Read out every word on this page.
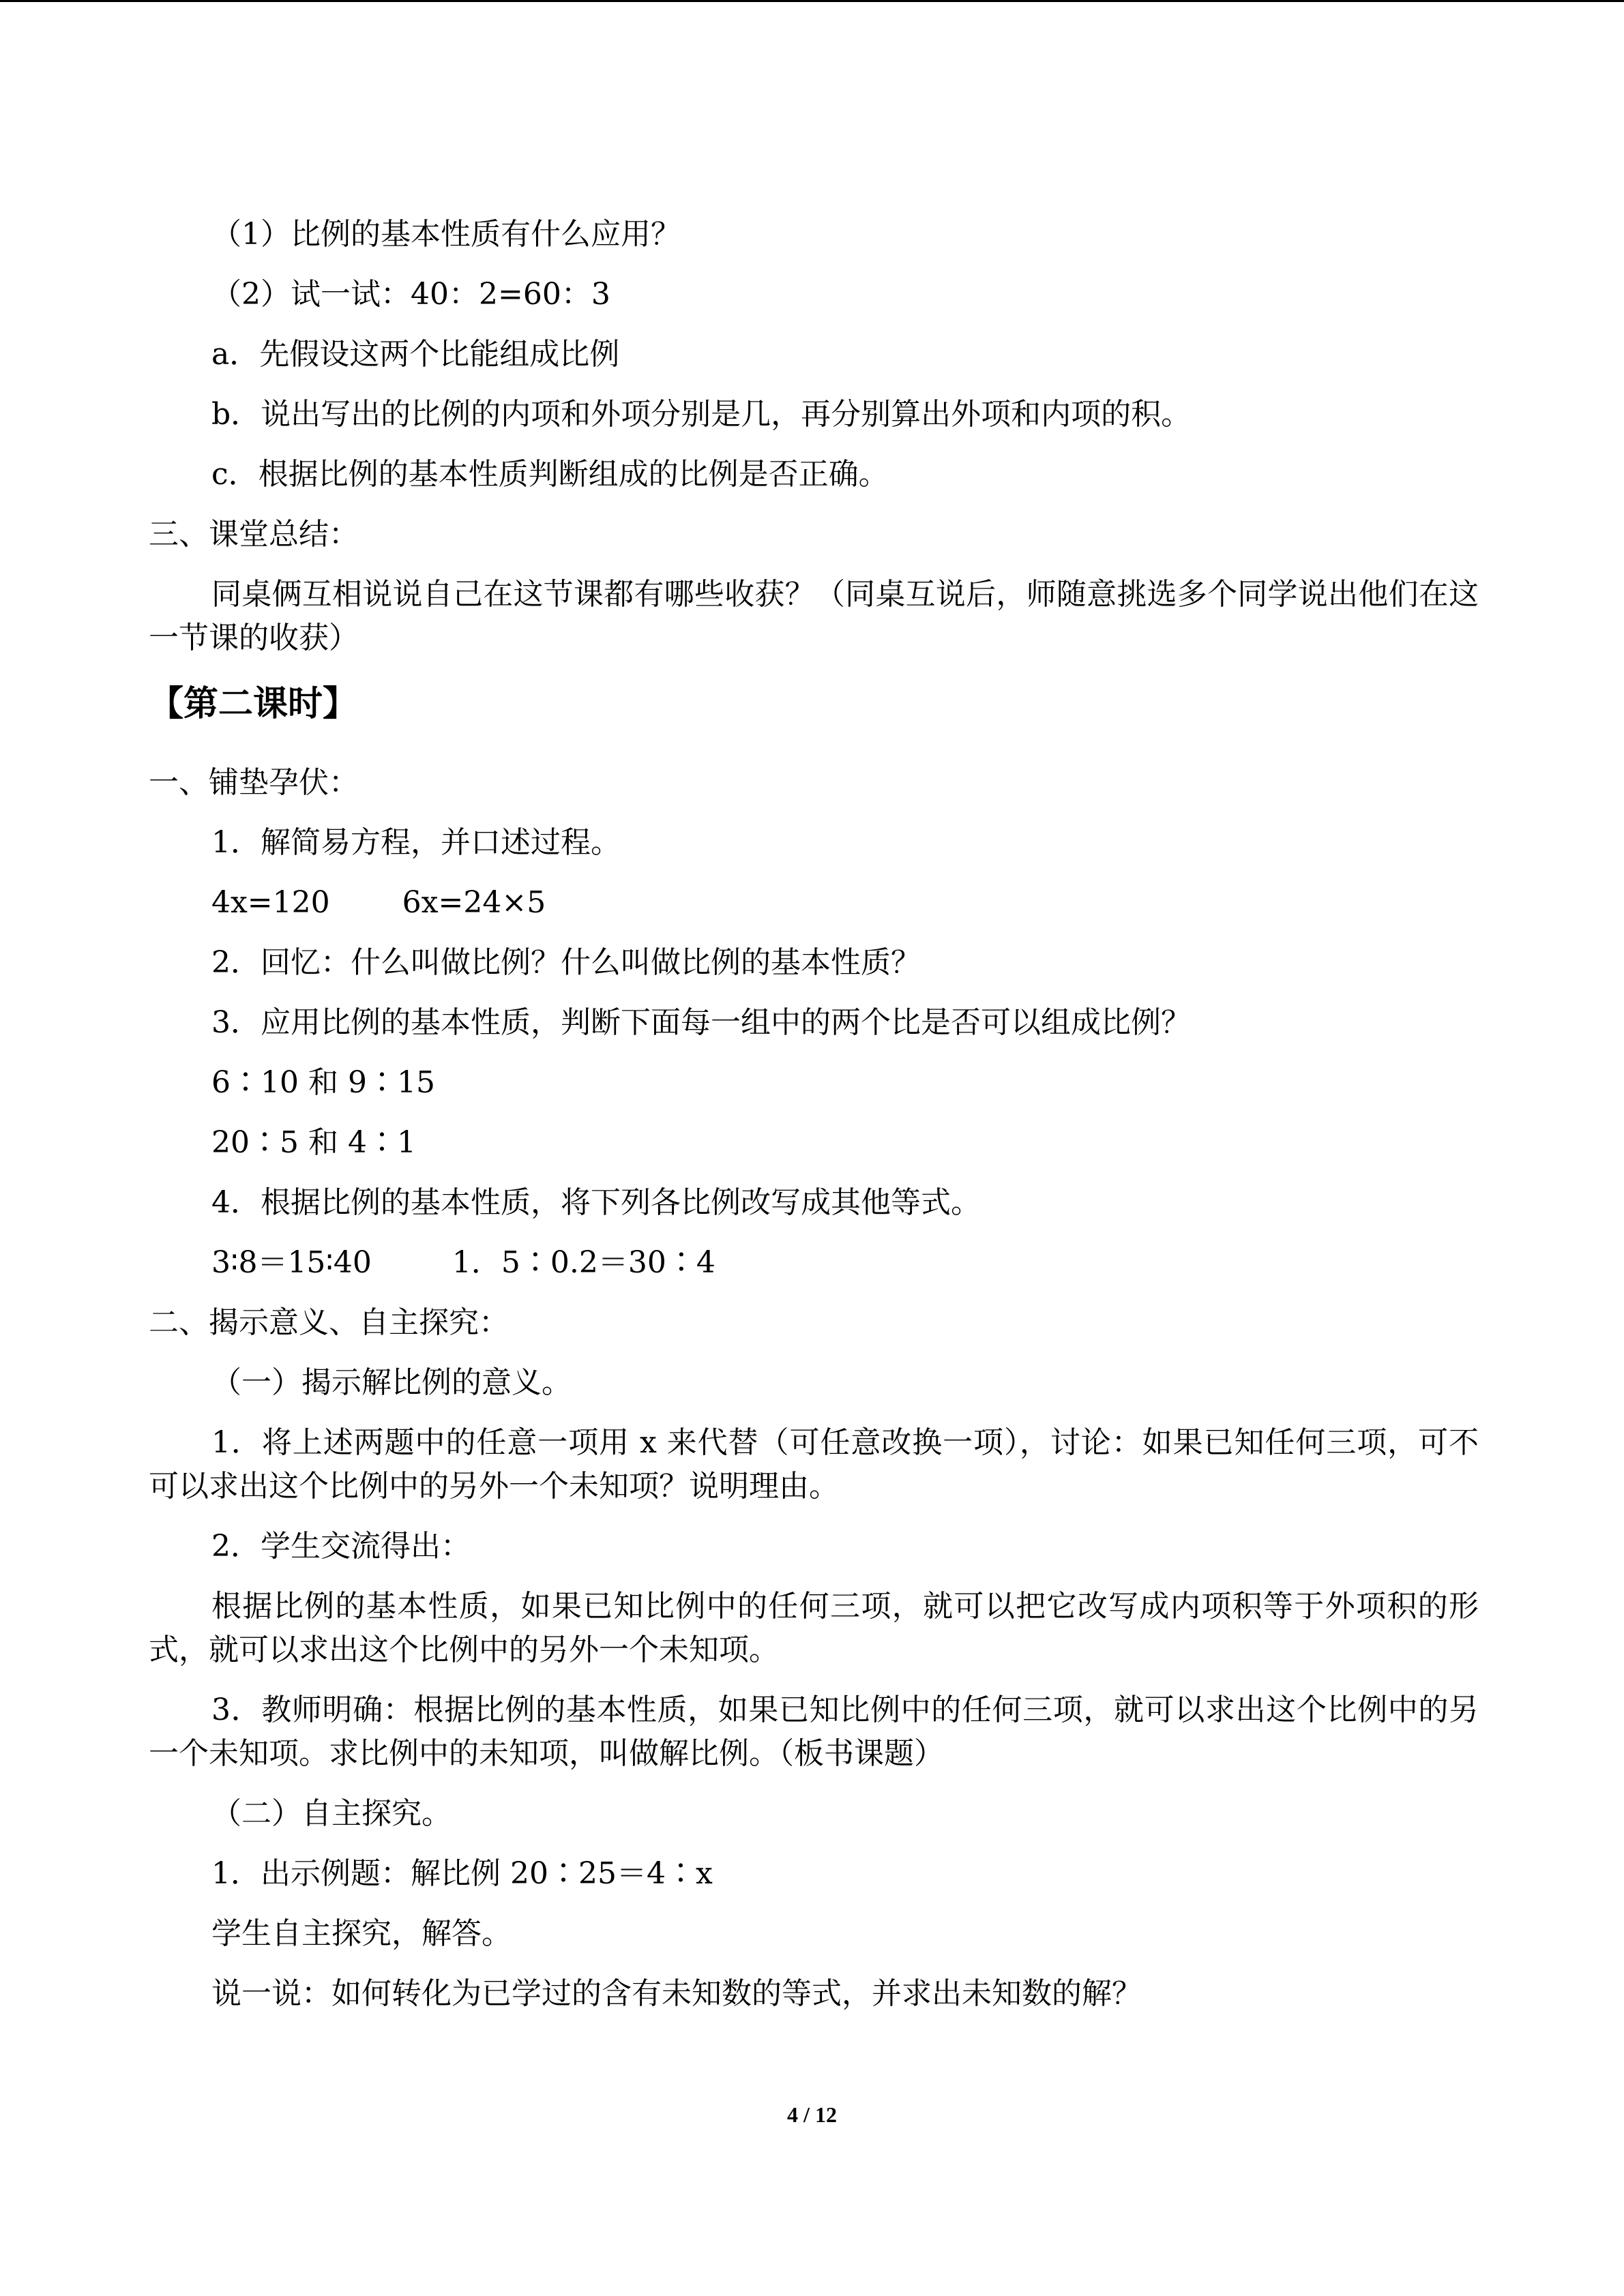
（1）比例的基本性质有什么应用？
（2）试一试：40：2=60：3
a．先假设这两个比能组成比例
b．说出写出的比例的内项和外项分别是几，再分别算出外项和内项的积。
c．根据比例的基本性质判断组成的比例是否正确。
三、课堂总结：
同桌俩互相说说自己在这节课都有哪些收获？（同桌互说后，师随意挑选多个同学说出他们在这一节课的收获）
【第二课时】
一、铺垫孕伏：
1．解简易方程，并口述过程。
4x=120 6x=24×5
2．回忆：什么叫做比例？什么叫做比例的基本性质？
3．应用比例的基本性质，判断下面每一组中的两个比是否可以组成比例？
6∶10 和 9∶15
20∶5 和 4∶1
4．根据比例的基本性质，将下列各比例改写成其他等式。
3∶8＝15∶40	1．5∶0.2＝30∶4
二、揭示意义、自主探究：
（一）揭示解比例的意义。
1．将上述两题中的任意一项用 x 来代替（可任意改换一项），讨论：如果已知任何三项，可不可以求出这个比例中的另外一个未知项？说明理由。
2．学生交流得出：
根据比例的基本性质，如果已知比例中的任何三项，就可以把它改写成内项积等于外项积的形式，就可以求出这个比例中的另外一个未知项。
3．教师明确：根据比例的基本性质，如果已知比例中的任何三项，就可以求出这个比例中的另一个未知项。求比例中的未知项，叫做解比例。（板书课题）
（二）自主探究。
1．出示例题：解比例 20∶25＝4∶x
学生自主探究，解答。
说一说：如何转化为已学过的含有未知数的等式，并求出未知数的解？
4 / 12
